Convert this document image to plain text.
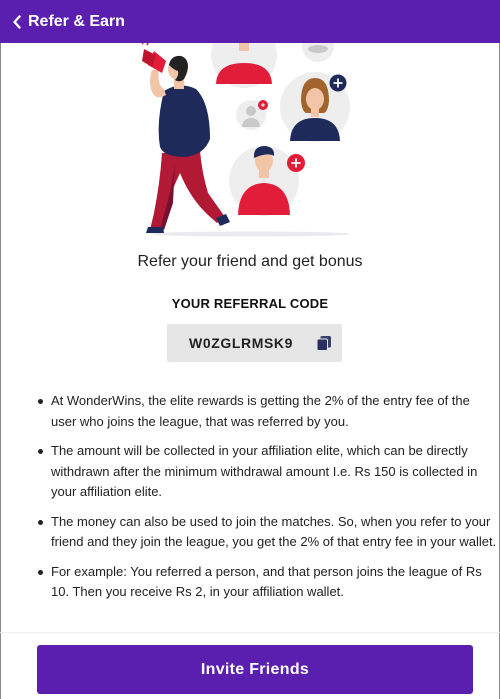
Refer & Earn
Refer your friend and get bonus
YOUR REFERRAL CODE
W0ZGLRMSK9
At WonderWins, the elite rewards is getting the 2% of the entry fee of the user who joins the league, that was referred by you.
The amount will be collected in your affiliation elite, which can be directly withdrawn after the minimum withdrawal amount I.e. Rs 150 is collected in your affiliation elite.
The money can also be used to join the matches. So, when you refer to your friend and they join the league, you get the 2% of that entry fee in your wallet.
For example: You referred a person, and that person joins the league of Rs 10. Then you receive Rs 2, in your affiliation wallet.
Invite Friends
